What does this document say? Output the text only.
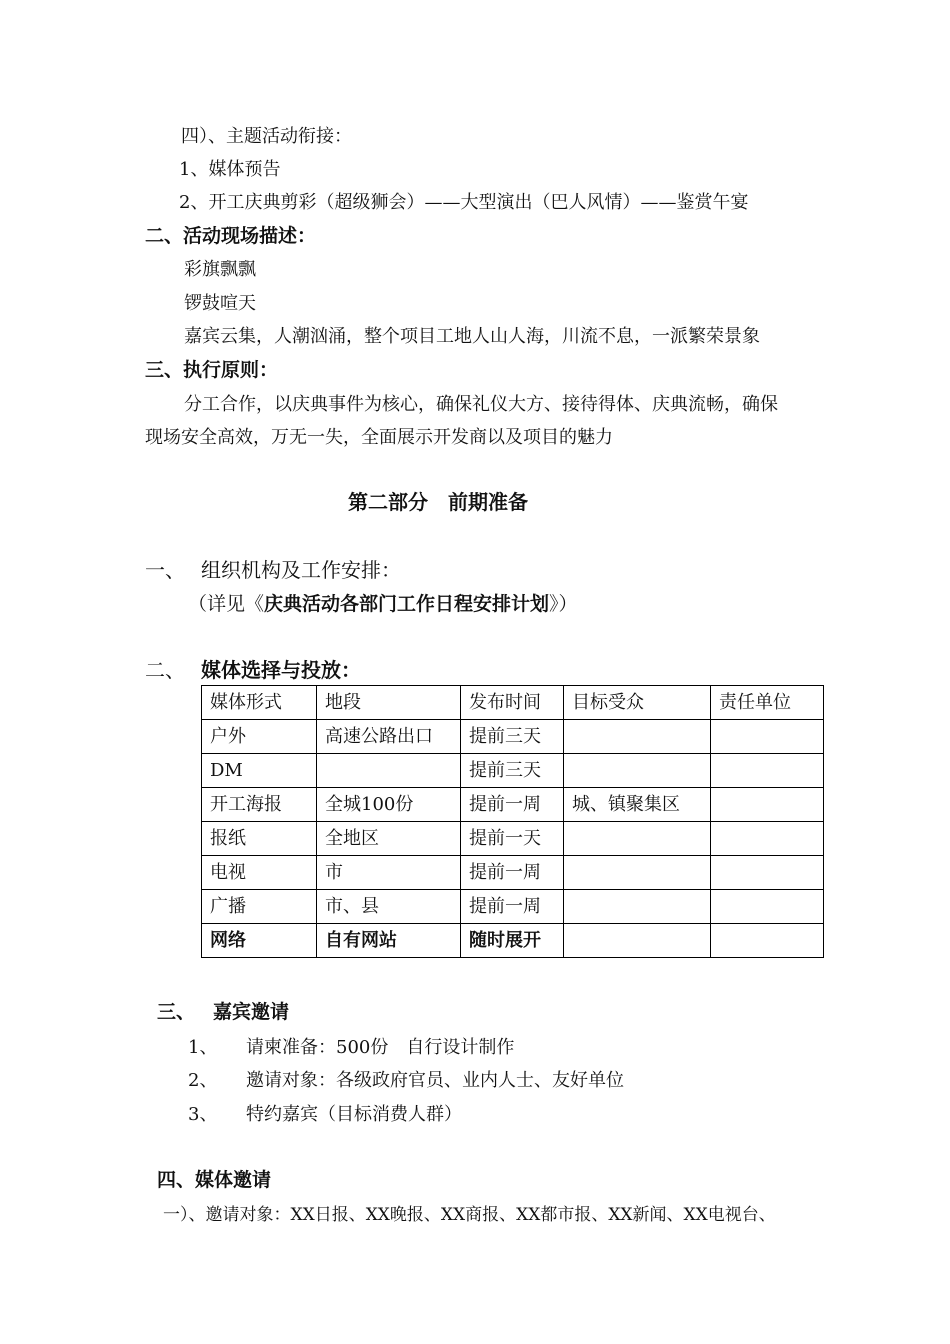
四）、主题活动衔接：
1、媒体预告
2、开工庆典剪彩（超级狮会）——大型演出（巴人风情）——鉴赏午宴
二、活动现场描述：
彩旗飘飘
锣鼓喧天
嘉宾云集，人潮汹涌，整个项目工地人山人海，川流不息，一派繁荣景象
三、执行原则：
分工合作，以庆典事件为核心，确保礼仪大方、接待得体、庆典流畅，确保
现场安全高效，万无一失，全面展示开发商以及项目的魅力
第二部分　前期准备
一、 组织机构及工作安排：
（详见《庆典活动各部门工作日程安排计划》）
二、 媒体选择与投放：
媒体形式	地段	发布时间	目标受众	责任单位
户外	高速公路出口	提前三天		
DM		提前三天		
开工海报	全城100份	提前一周	城、镇聚集区	
报纸	全地区	提前一天		
电视	市	提前一周		
广播	市、县	提前一周		
网络	自有网站	随时展开		
三、 嘉宾邀请
1、 请柬准备：500份　自行设计制作
2、 邀请对象：各级政府官员、业内人士、友好单位
3、 特约嘉宾（目标消费人群）
四、媒体邀请
一）、邀请对象：XX日报、XX晚报、XX商报、XX都市报、XX新闻、XX电视台、
